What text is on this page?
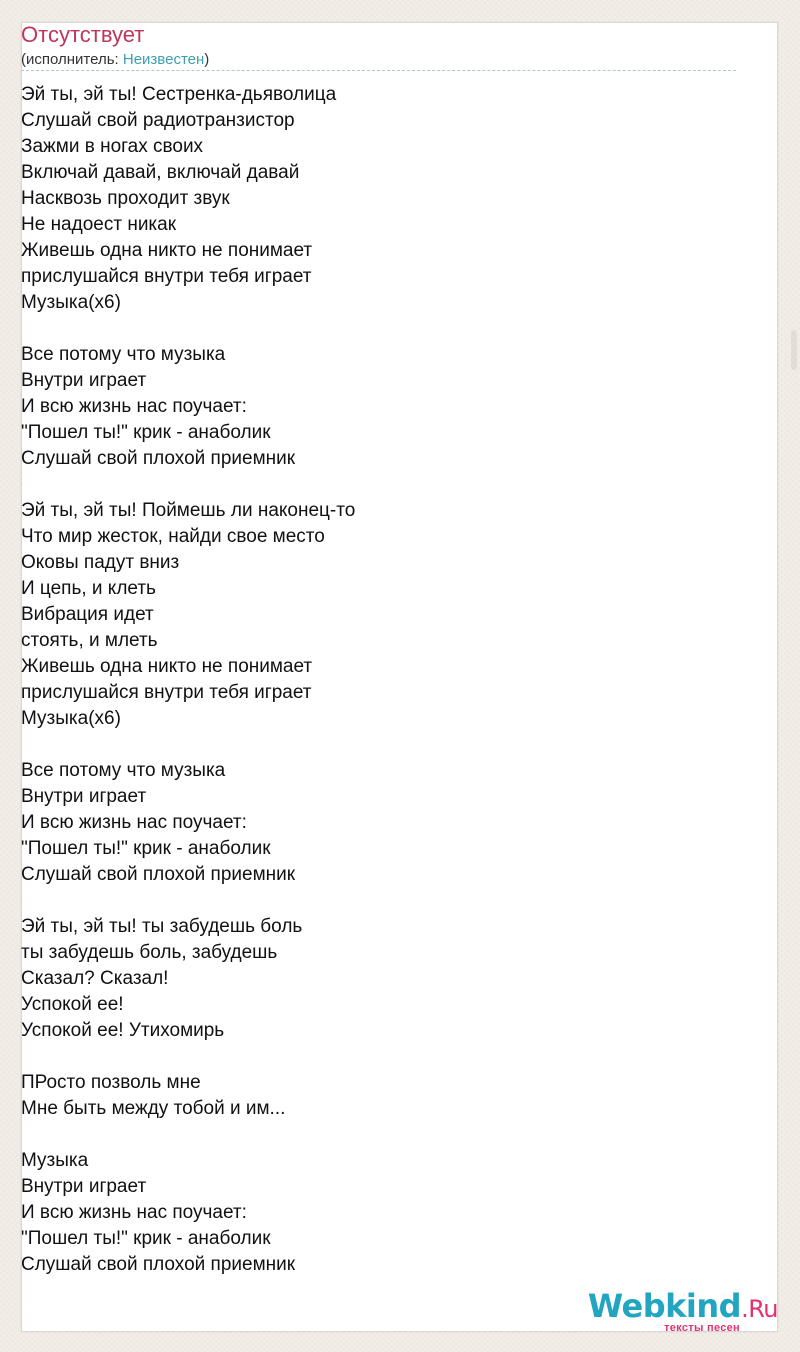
Отсутствует
(исполнитель: Неизвестен)
Эй ты, эй ты! Сестренка-дьяволица
Слушай свой радиотранзистор
Зажми в ногах своих
Включай давай, включай давай
Насквозь проходит звук
Не надоест никак
Живешь одна никто не понимает
прислушайся внутри тебя играет
Музыка(х6)
Все потому что музыка
Внутри играет
И всю жизнь нас поучает:
"Пошел ты!" крик - анаболик
Слушай свой плохой приемник
Эй ты, эй ты! Поймешь ли наконец-то
Что мир жесток, найди свое место
Оковы падут вниз
И цепь, и клеть
Вибрация идет
стоять, и млеть
Живешь одна никто не понимает
прислушайся внутри тебя играет
Музыка(х6)
Все потому что музыка
Внутри играет
И всю жизнь нас поучает:
"Пошел ты!" крик - анаболик
Слушай свой плохой приемник
Эй ты, эй ты! ты забудешь боль
ты забудешь боль, забудешь
Сказал? Сказал!
Успокой ее!
Успокой ее! Утихомирь
ПРосто позволь мне
Мне быть между тобой и им...
Музыка
Внутри играет
И всю жизнь нас поучает:
"Пошел ты!" крик - анаболик
Слушай свой плохой приемник
Webkind.Ru
тексты песен
